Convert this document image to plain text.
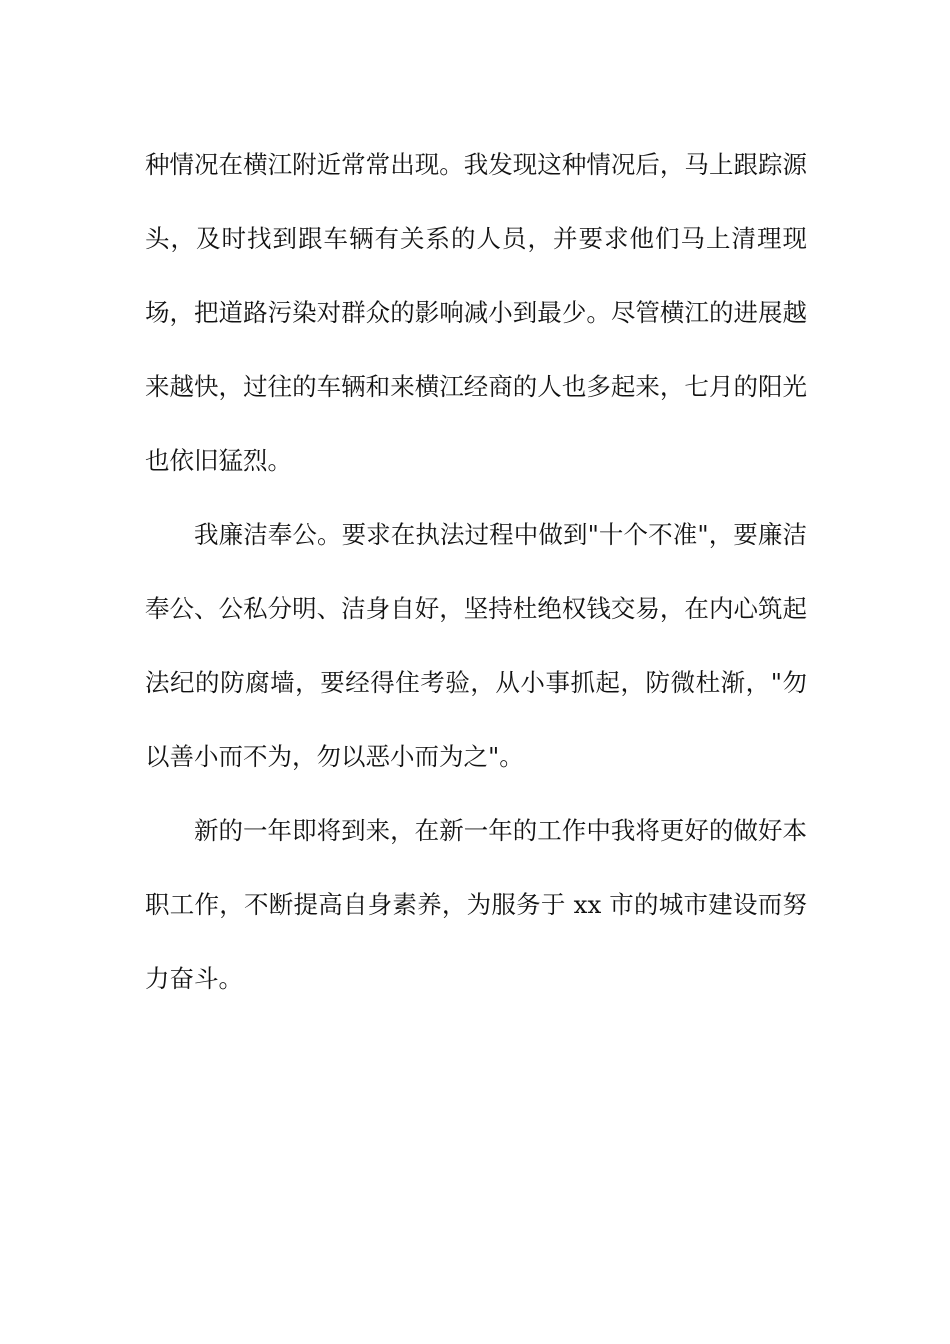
种情况在横江附近常常出现。我发现这种情况后，马上跟踪源头，及时找到跟车辆有关系的人员，并要求他们马上清理现场，把道路污染对群众的影响减小到最少。尽管横江的进展越来越快，过往的车辆和来横江经商的人也多起来，七月的阳光也依旧猛烈。

我廉洁奉公。要求在执法过程中做到"十个不准"，要廉洁奉公、公私分明、洁身自好，坚持杜绝权钱交易，在内心筑起法纪的防腐墙，要经得住考验，从小事抓起，防微杜渐，"勿以善小而不为，勿以恶小而为之"。

新的一年即将到来，在新一年的工作中我将更好的做好本职工作，不断提高自身素养，为服务于 xx 市的城市建设而努力奋斗。
